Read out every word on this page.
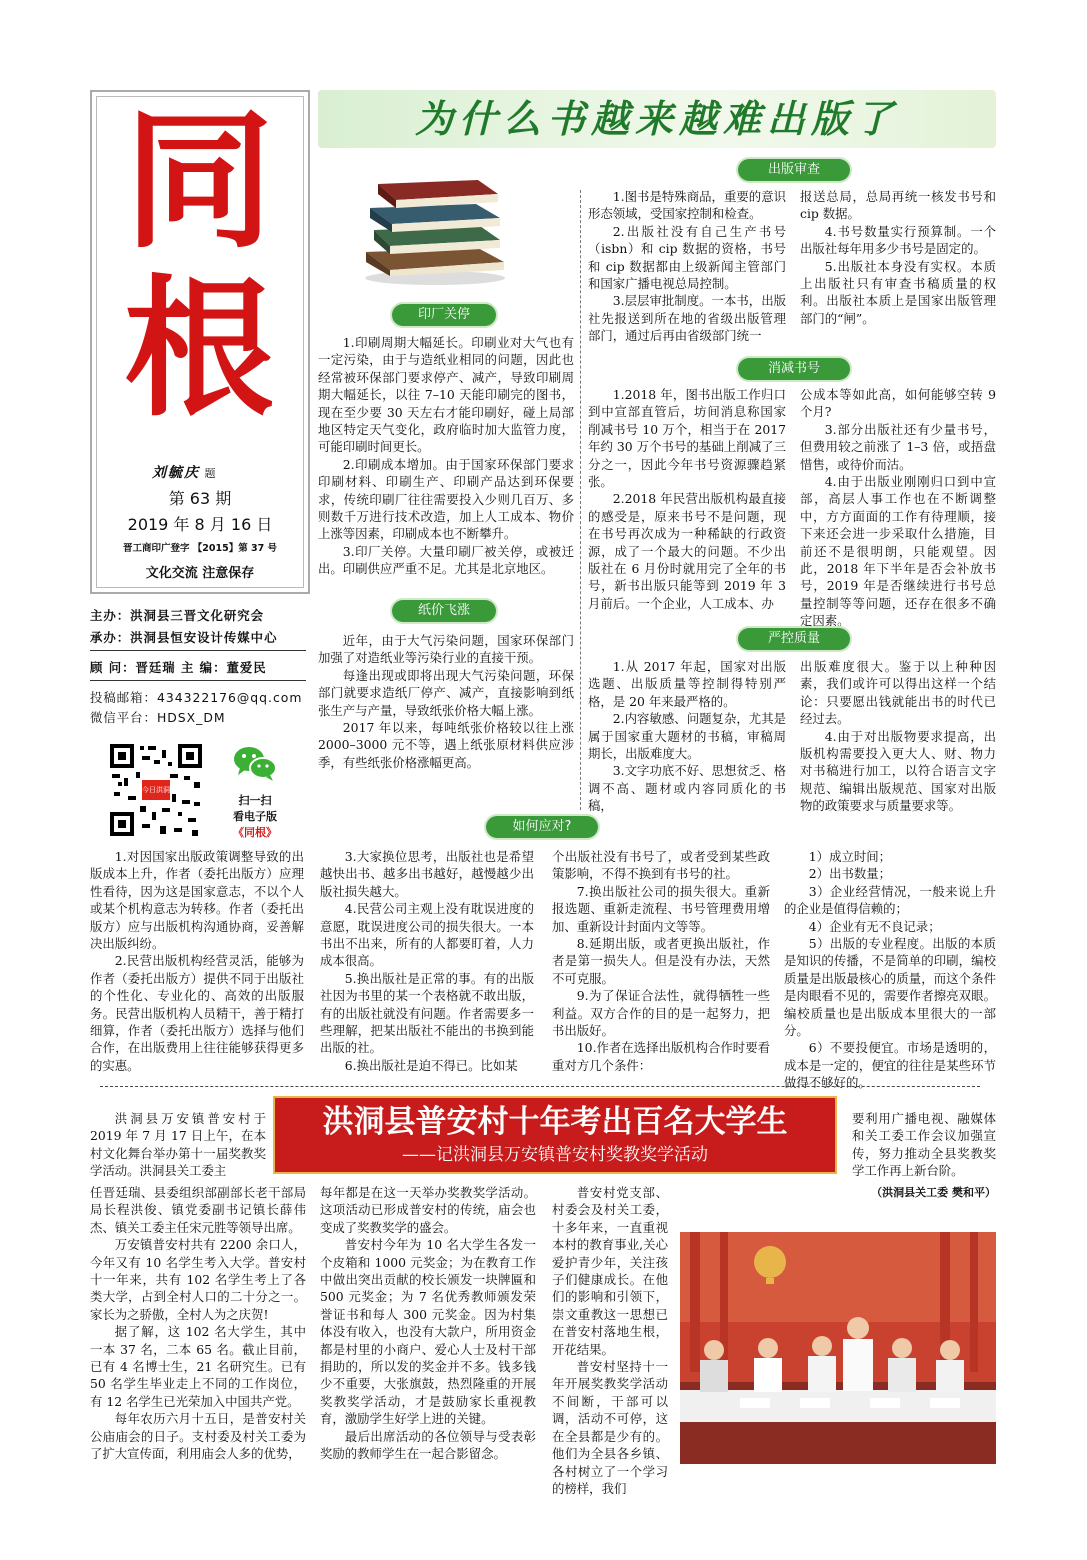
同
根
刘毓庆 题
第 63 期
2019 年 8 月 16 日
晋工商印广登字 【2015】第 37 号
文化交流 注意保存
主办：洪洞县三晋文化研究会
承办：洪洞县恒安设计传媒中心
顾 问：晋廷瑞 主 编：董爱民
投稿邮箱：434322176@qq.com
微信平台：HDSX_DM
今日洪洞
扫一扫
看电子版
《同根》
为什么书越来越难出版了
印厂关停

1.印刷周期大幅延长。印刷业对大气也有一定污染，由于与造纸业相同的问题，因此也经常被环保部门要求停产、减产，导致印刷周期大幅延长，以往 7–10 天能印刷完的图书，现在至少要 30 天左右才能印刷好，碰上局部地区特定天气变化，政府临时加大监管力度，可能印刷时间更长。

2.印刷成本增加。由于国家环保部门要求印刷材料、印刷生产、印刷产品达到环保要求，传统印刷厂往往需要投入少则几百万、多则数千万进行技术改造，加上人工成本、物价上涨等因素，印刷成本也不断攀升。

3.印厂关停。大量印刷厂被关停，或被迁出。印刷供应严重不足。尤其是北京地区。

纸价飞涨

近年，由于大气污染问题，国家环保部门加强了对造纸业等污染行业的直接干预。

每逢出现或即将出现大气污染问题，环保部门就要求造纸厂停产、减产，直接影响到纸张生产与产量，导致纸张价格大幅上涨。

2017 年以来，每吨纸张价格较以往上涨 2000–3000 元不等，遇上纸张原材料供应涉季，有些纸张价格涨幅更高。

出版审查

1.图书是特殊商品，重要的意识形态领域，受国家控制和检查。

2.出版社没有自己生产书号（isbn）和 cip 数据的资格，书号和 cip 数据都由上级新闻主管部门和国家广播电视总局控制。

3.层层审批制度。一本书，出版社先报送到所在地的省级出版管理部门，通过后再由省级部门统一

报送总局，总局再统一核发书号和 cip 数据。

4.书号数量实行预算制。一个出版社每年用多少书号是固定的。

5.出版社本身没有实权。本质上出版社只有审查书稿质量的权利。出版社本质上是国家出版管理部门的“闸”。

消减书号

1.2018 年，图书出版工作归口到中宣部直管后，坊间消息称国家削减书号 10 万个，相当于在 2017 年约 30 万个书号的基础上削减了三分之一，因此今年书号资源骤趋紧张。

2.2018 年民营出版机构最直接的感受是，原来书号不是问题，现在书号再次成为一种稀缺的行政资源，成了一个最大的问题。不少出版社在 6 月份时就用完了全年的书号，新书出版只能等到 2019 年 3 月前后。一个企业，人工成本、办

公成本等如此高，如何能够空转 9 个月?

3.部分出版社还有少量书号，但费用较之前涨了 1–3 倍，或捂盘惜售，或待价而沽。

4.由于出版业刚刚归口到中宣部，高层人事工作也在不断调整中，方方面面的工作有待理顺，接下来还会进一步采取什么措施，目前还不是很明朗，只能观望。因此，2018 年下半年是否会补放书号，2019 年是否继续进行书号总量控制等等问题，还存在很多不确定因素。

严控质量

1.从 2017 年起，国家对出版选题、出版质量等控制得特别严格，是 20 年来最严格的。

2.内容敏感、问题复杂，尤其是属于国家重大题材的书稿，审稿周期长，出版难度大。

3.文字功底不好、思想贫乏、格调不高、题材或内容同质化的书稿，

出版难度很大。鉴于以上种种因素，我们或许可以得出这样一个结论：只要愿出钱就能出书的时代已经过去。

4.由于对出版物要求提高，出版机构需要投入更大人、财、物力对书稿进行加工，以符合语言文字规范、编辑出版规范、国家对出版物的政策要求与质量要求等。

如何应对?

1.对因国家出版政策调整导致的出版成本上升，作者（委托出版方）应理性看待，因为这是国家意志，不以个人或某个机构意志为转移。作者（委托出版方）应与出版机构沟通协商，妥善解决出版纠纷。

2.民营出版机构经营灵活，能够为作者（委托出版方）提供不同于出版社的个性化、专业化的、高效的出版服务。民营出版机构人员精干，善于精打细算，作者（委托出版方）选择与他们合作，在出版费用上往往能够获得更多的实惠。

3.大家换位思考，出版社也是希望越快出书、越多出书越好，越慢越少出版社损失越大。

4.民营公司主观上没有耽误进度的意愿，耽误进度公司的损失很大。一本书出不出来，所有的人都要盯着，人力成本很高。

5.换出版社是正常的事。有的出版社因为书里的某一个表格就不敢出版，有的出版社就没有问题。作者需要多一些理解，把某出版社不能出的书换到能出版的社。

6.换出版社是迫不得已。比如某

个出版社没有书号了，或者受到某些政策影响，不得不换到有书号的社。

7.换出版社公司的损失很大。重新报选题、重新走流程、书号管理费用增加、重新设计封面内文等等。

8.延期出版，或者更换出版社，作者是第一损失人。但是没有办法，天然不可克服。

9.为了保证合法性，就得牺牲一些利益。双方合作的目的是一起努力，把书出版好。

10.作者在选择出版机构合作时要看重对方几个条件：

1）成立时间；

2）出书数量；

3）企业经营情况，一般来说上升的企业是值得信赖的；

4）企业有无不良记录；

5）出版的专业程度。出版的本质是知识的传播，不是简单的印刷，编校质量是出版最核心的质量，而这个条件是肉眼看不见的，需要作者擦亮双眼。编校质量也是出版成本里很大的一部分。

6）不要投便宜。市场是透明的，成本是一定的，便宜的往往是某些环节做得不够好的。

洪洞县普安村十年考出百名大学生
——记洪洞县万安镇普安村奖教奖学活动

洪洞县万安镇普安村于 2019 年 7 月 17 日上午，在本村文化舞台举办第十一届奖教奖学活动。洪洞县关工委主

任晋廷瑞、县委组织部副部长老干部局局长程洪俊、镇党委副书记镇长薛伟杰、镇关工委主任宋元胜等领导出席。

万安镇普安村共有 2200 余口人，今年又有 10 名学生考入大学。普安村十一年来，共有 102 名学生考上了各类大学，占到全村人口的二十分之一。家长为之骄傲，全村人为之庆贺!

据了解，这 102 名大学生，其中一本 37 名，二本 65 名。截止目前，已有 4 名博士生，21 名研究生。已有 50 名学生毕业走上不同的工作岗位，有 12 名学生已光荣加入中国共产党。

每年农历六月十五日，是普安村关公庙庙会的日子。支村委及村关工委为了扩大宣传面，利用庙会人多的优势，

每年都是在这一天举办奖教奖学活动。这项活动已形成普安村的传统，庙会也变成了奖教奖学的盛会。

普安村今年为 10 名大学生各发一个皮箱和 1000 元奖金；为在教育工作中做出突出贡献的校长颁发一块牌匾和 500 元奖金；为 7 名优秀教师颁发荣誉证书和每人 300 元奖金。因为村集体没有收入，也没有大款户，所用资金都是村里的小商户、爱心人士及村干部捐助的，所以发的奖金并不多。钱多钱少不重要，大张旗鼓，热烈隆重的开展奖教奖学活动，才是鼓励家长重视教育，激励学生好学上进的关键。

最后出席活动的各位领导与受表彰奖励的教师学生在一起合影留念。

普安村党支部、村委会及村关工委，十多年来，一直重视本村的教育事业,关心爱护青少年，关注孩子们健康成长。在他们的影响和引领下，崇文重教这一思想已在普安村落地生根，开花结果。

普安村坚持十一年开展奖教奖学活动不间断，干部可以调，活动不可停，这在全县都是少有的。他们为全县各乡镇、各村树立了一个学习的榜样，我们

要利用广播电视、融媒体和关工委工作会议加强宣传，努力推动全县奖教奖学工作再上新台阶。

（洪洞县关工委 樊和平）
